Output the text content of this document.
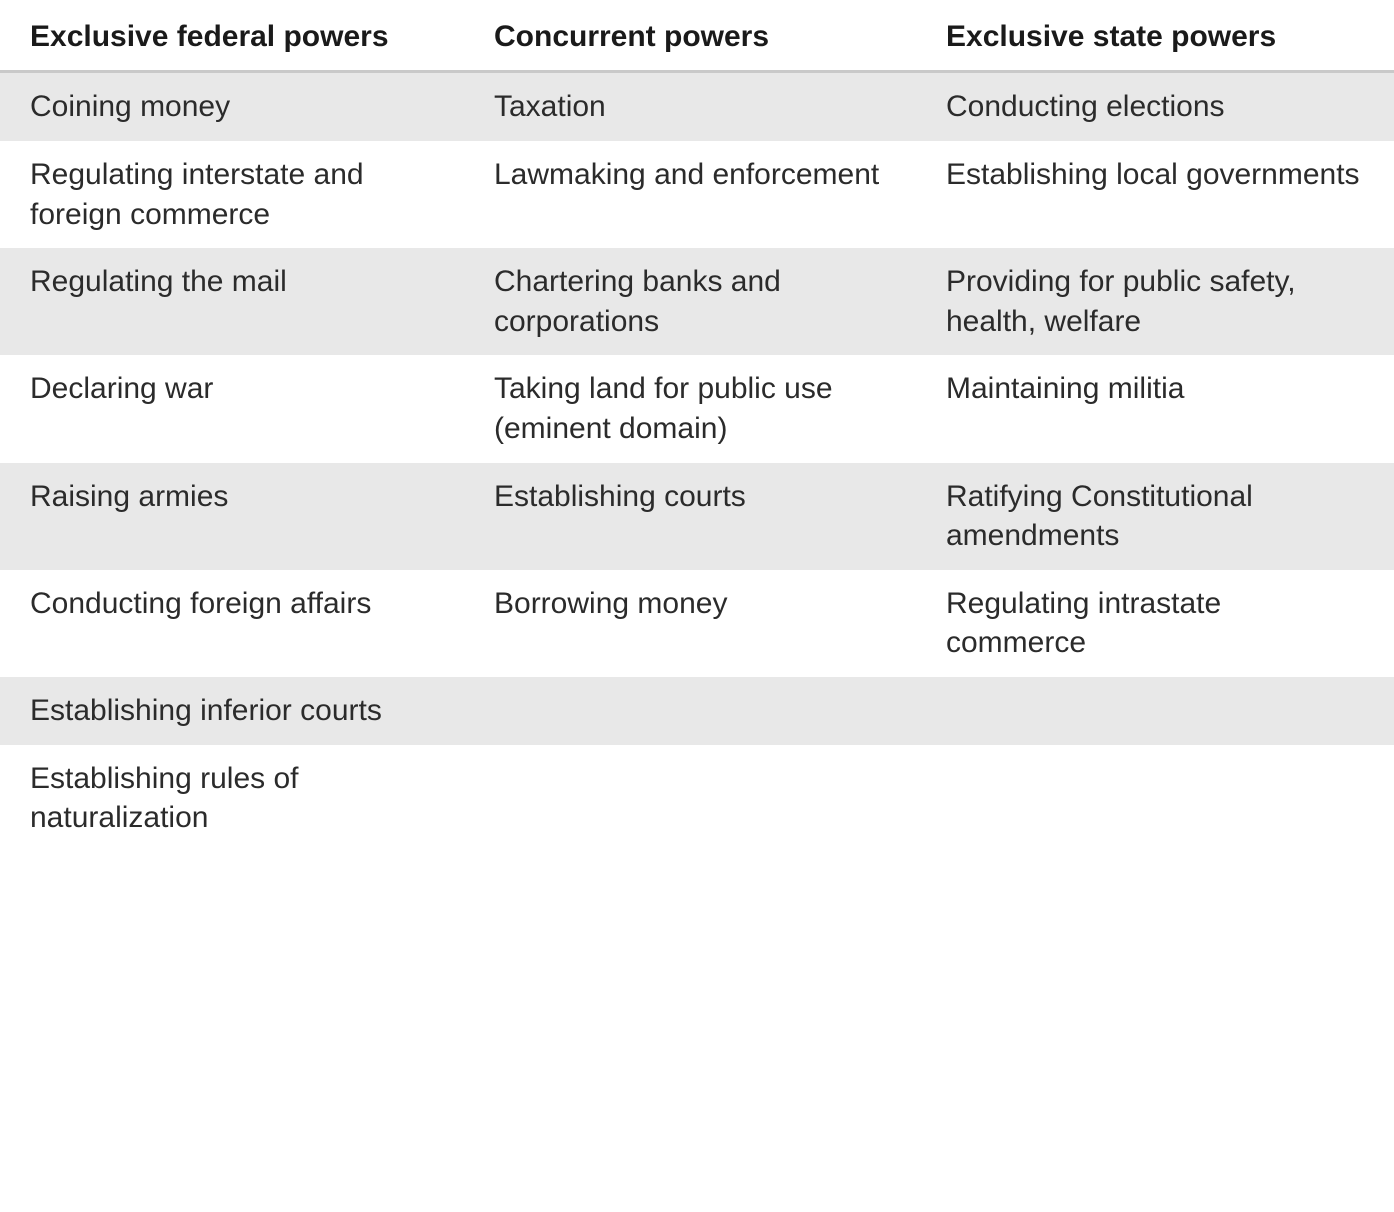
Exclusive federal powers	Concurrent powers	Exclusive state powers
Coining money	Taxation	Conducting elections
Regulating interstate and foreign commerce	Lawmaking and enforcement	Establishing local governments
Regulating the mail	Chartering banks and corporations	Providing for public safety, health, welfare
Declaring war	Taking land for public use (eminent domain)	Maintaining militia
Raising armies	Establishing courts	Ratifying Constitutional amendments
Conducting foreign affairs	Borrowing money	Regulating intrastate commerce
Establishing inferior courts		
Establishing rules of naturalization		
